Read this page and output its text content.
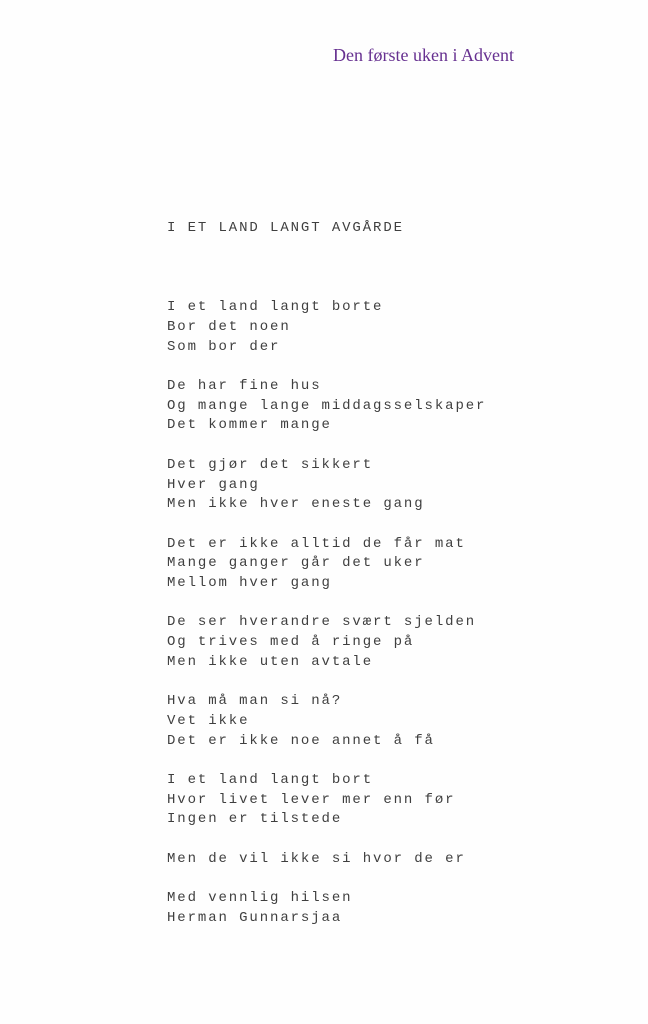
Den første uken i Advent

I ET LAND LANGT AVGÅRDE

I et land langt borte
Bor det noen
Som bor der
De har fine hus
Og mange lange middagsselskaper
Det kommer mange
Det gjør det sikkert
Hver gang
Men ikke hver eneste gang
Det er ikke alltid de får mat
Mange ganger går det uker
Mellom hver gang
De ser hverandre svært sjelden
Og trives med å ringe på
Men ikke uten avtale
Hva må man si nå?
Vet ikke
Det er ikke noe annet å få
I et land langt bort
Hvor livet lever mer enn før
Ingen er tilstede
Men de vil ikke si hvor de er
Med vennlig hilsen
Herman Gunnarsjaa
